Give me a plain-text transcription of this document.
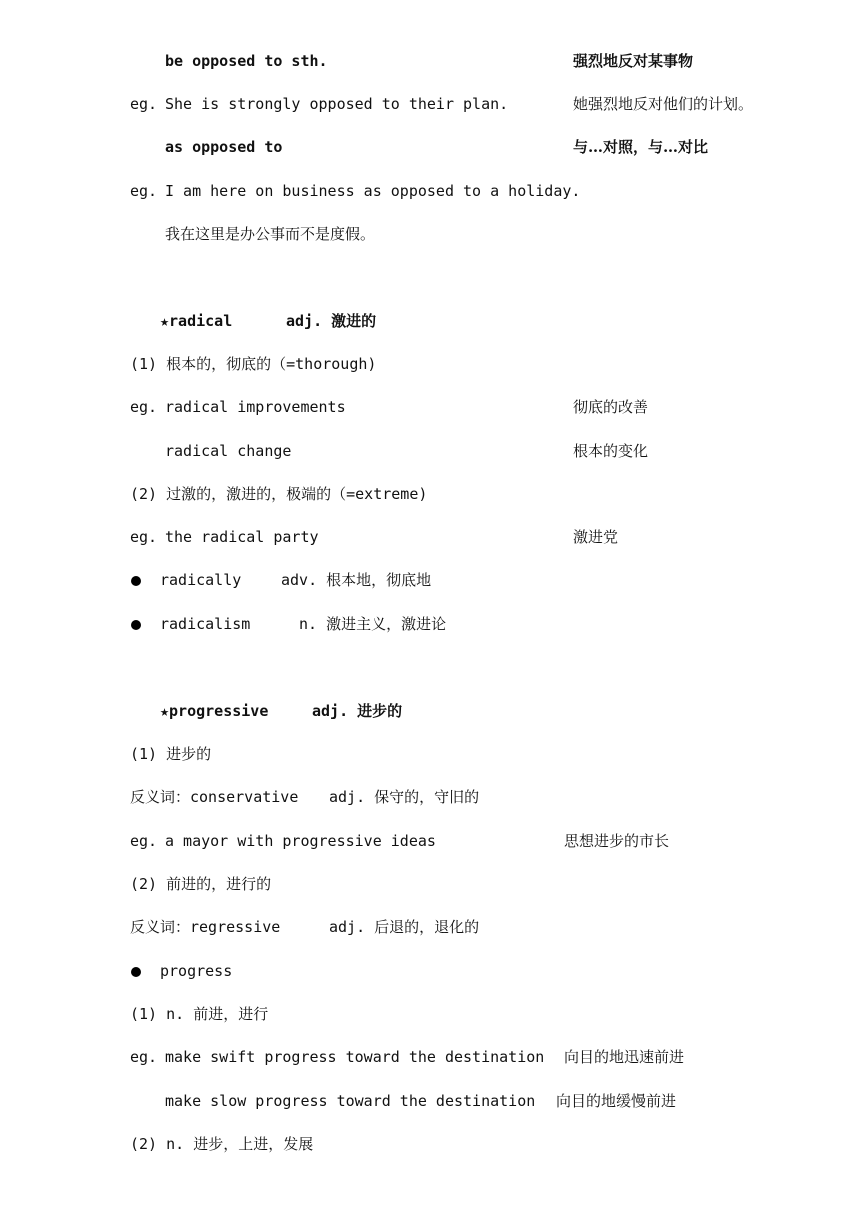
be opposed to sth.	强烈地反对某事物
eg. She is strongly opposed to their plan.	她强烈地反对他们的计划。
as opposed to	与…对照，与…对比
eg. I am here on business as opposed to a holiday.
我在这里是办公事而不是度假。
★radical	adj. 激进的
(1) 根本的，彻底的（=thorough)
eg. radical improvements	彻底的改善
radical change	根本的变化
(2) 过激的，激进的，极端的（=extreme)
eg. the radical party	激进党
radically	adv. 根本地，彻底地
radicalism	n. 激进主义，激进论
★progressive	adj. 进步的
(1) 进步的
反义词：conservative adj. 保守的，守旧的
eg. a mayor with progressive ideas	思想进步的市长
(2) 前进的，进行的
反义词：regressive	adj. 后退的，退化的
progress
(1) n. 前进，进行
eg. make swift progress toward the destination 向目的地迅速前进
make slow progress toward the destination 向目的地缓慢前进
(2) n. 进步，上进，发展
